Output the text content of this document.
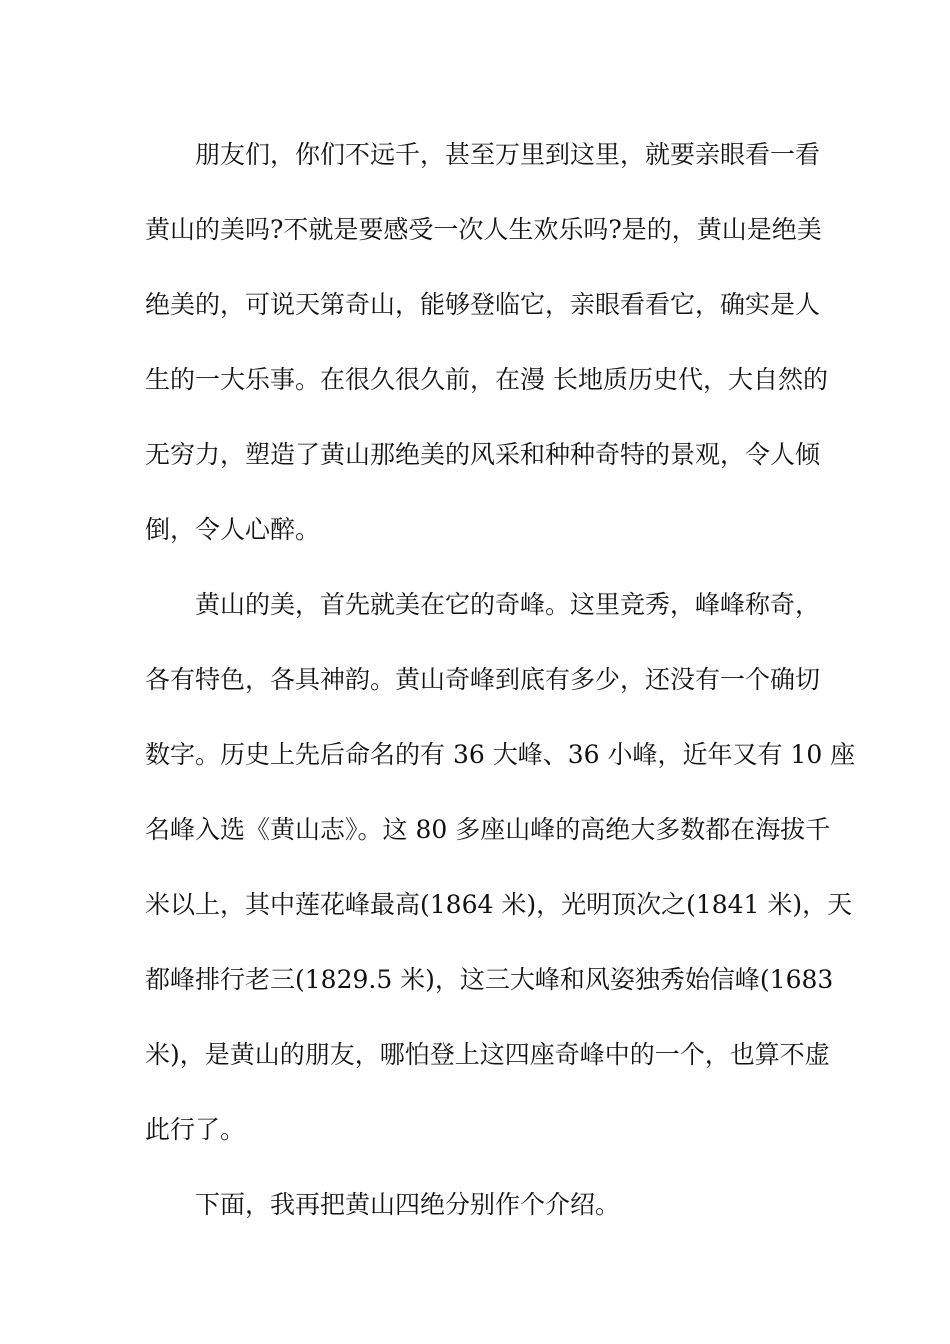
朋友们，你们不远千，甚至万里到这里，就要亲眼看一看
黄山的美吗?不就是要感受一次人生欢乐吗?是的，黄山是绝美
绝美的，可说天第奇山，能够登临它，亲眼看看它，确实是人
生的一大乐事。在很久很久前，在漫 长地质历史代，大自然的
无穷力，塑造了黄山那绝美的风采和种种奇特的景观，令人倾
倒，令人心醉。
黄山的美，首先就美在它的奇峰。这里竞秀，峰峰称奇，
各有特色，各具神韵。黄山奇峰到底有多少，还没有一个确切
数字。历史上先后命名的有 36 大峰、36 小峰，近年又有 10 座
名峰入选《黄山志》。这 80 多座山峰的高绝大多数都在海拔千
米以上，其中莲花峰最高(1864 米)，光明顶次之(1841 米)，天
都峰排行老三(1829.5 米)，这三大峰和风姿独秀始信峰(1683
米)，是黄山的朋友，哪怕登上这四座奇峰中的一个，也算不虚
此行了。
下面，我再把黄山四绝分别作个介绍。
